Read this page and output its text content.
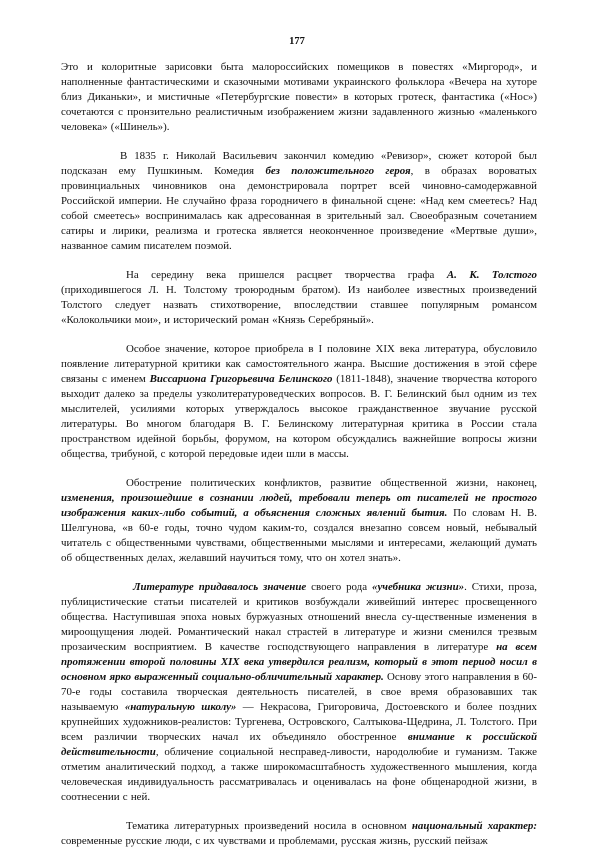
177

Это и колоритные зарисовки быта малороссийских помещиков в повестях «Миргород», и наполненные фантастическими и сказочными мотивами украинского фольклора «Вечера на хуторе близ Диканьки», и мистичные «Петербургские повести» в которых гротеск, фантастика («Нос») сочетаются с пронзительно реалистичным изображением жизни задавленного жизнью «маленького человека» («Шинель»).

В 1835 г. Николай Васильевич закончил комедию «Ревизор», сюжет которой был подсказан ему Пушкиным. Комедия без положительного героя, в образах вороватых провинциальных чиновников она демонстрировала портрет всей чиновно-самодержавной Российской империи. Не случайно фраза городничего в финальной сцене: «Над кем смеетесь? Над собой смеетесь» воспринималась как адресованная в зрительный зал. Своеобразным сочетанием сатиры и лирики, реализма и гротеска является неоконченное произведение «Мертвые души», названное самим писателем поэмой.

На середину века пришелся расцвет творчества графа А. К. Толстого (приходившегося Л. Н. Толстому троюродным братом). Из наиболее известных произведений Толстого следует назвать стихотворение, впоследствии ставшее популярным романсом «Колокольчики мои», и исторический роман «Князь Серебряный».

Особое значение, которое приобрела в I половине XIX века литература, обусловило появление литературной критики как самостоятельного жанра. Высшие достижения в этой сфере связаны с именем Виссариона Григорьевича Белинского (1811-1848), значение творчества которого выходит далеко за пределы узколитературоведческих вопросов. В. Г. Белинский был одним из тех мыслителей, усилиями которых утверждалось высокое гражданственное звучание русской литературы. Во многом благодаря В. Г. Белинскому литературная критика в России стала пространством идейной борьбы, форумом, на котором обсуждались важнейшие вопросы жизни общества, трибуной, с которой передовые идеи шли в массы.

Обострение политических конфликтов, развитие общественной жизни, наконец, изменения, произошедшие в сознании людей, требовали теперь от писателей не простого изображения каких-либо событий, а объяснения сложных явлений бытия. По словам Н. В. Шелгунова, «в 60-е годы, точно чудом каким-то, создался внезапно совсем новый, небывалый читатель с общественными чувствами, общественными мыслями и интересами, желающий думать об общественных делах, желавший научиться тому, что он хотел знать».

Литературе придавалось значение своего рода «учебника жизни». Стихи, проза, публицистические статьи писателей и критиков возбуждали живейший интерес просвещенного общества. Наступившая эпоха новых буржуазных отношений внесла су-щественные изменения в мироощущения людей. Романтический накал страстей в литературе и жизни сменился трезвым прозаическим восприятием. В качестве господствующего направления в литературе на всем протяжении второй половины XIX века утвердился реализм, который в этот период носил в основном ярко выраженный социально-обличительный характер. Основу этого направления в 60-70-е годы составила творческая деятельность писателей, в свое время образовавших так называемую «натуральную школу» — Некрасова, Григоровича, Достоевского и более поздних крупнейших художников-реалистов: Тургенева, Островского, Салтыкова-Щедрина, Л. Толстого. При всем различии творческих начал их объединяло обостренное внимание к российской действительности, обличение социальной несправед-ливости, народолюбие и гуманизм. Также отметим аналитический подход, а также широкомасштабность художественного мышления, когда человеческая индивидуальность рассматривалась и оценивалась на фоне общенародной жизни, в соотнесении с ней.

Тематика литературных произведений носила в основном национальный характер: современные русские люди, с их чувствами и проблемами, русская жизнь, русский пейзаж
